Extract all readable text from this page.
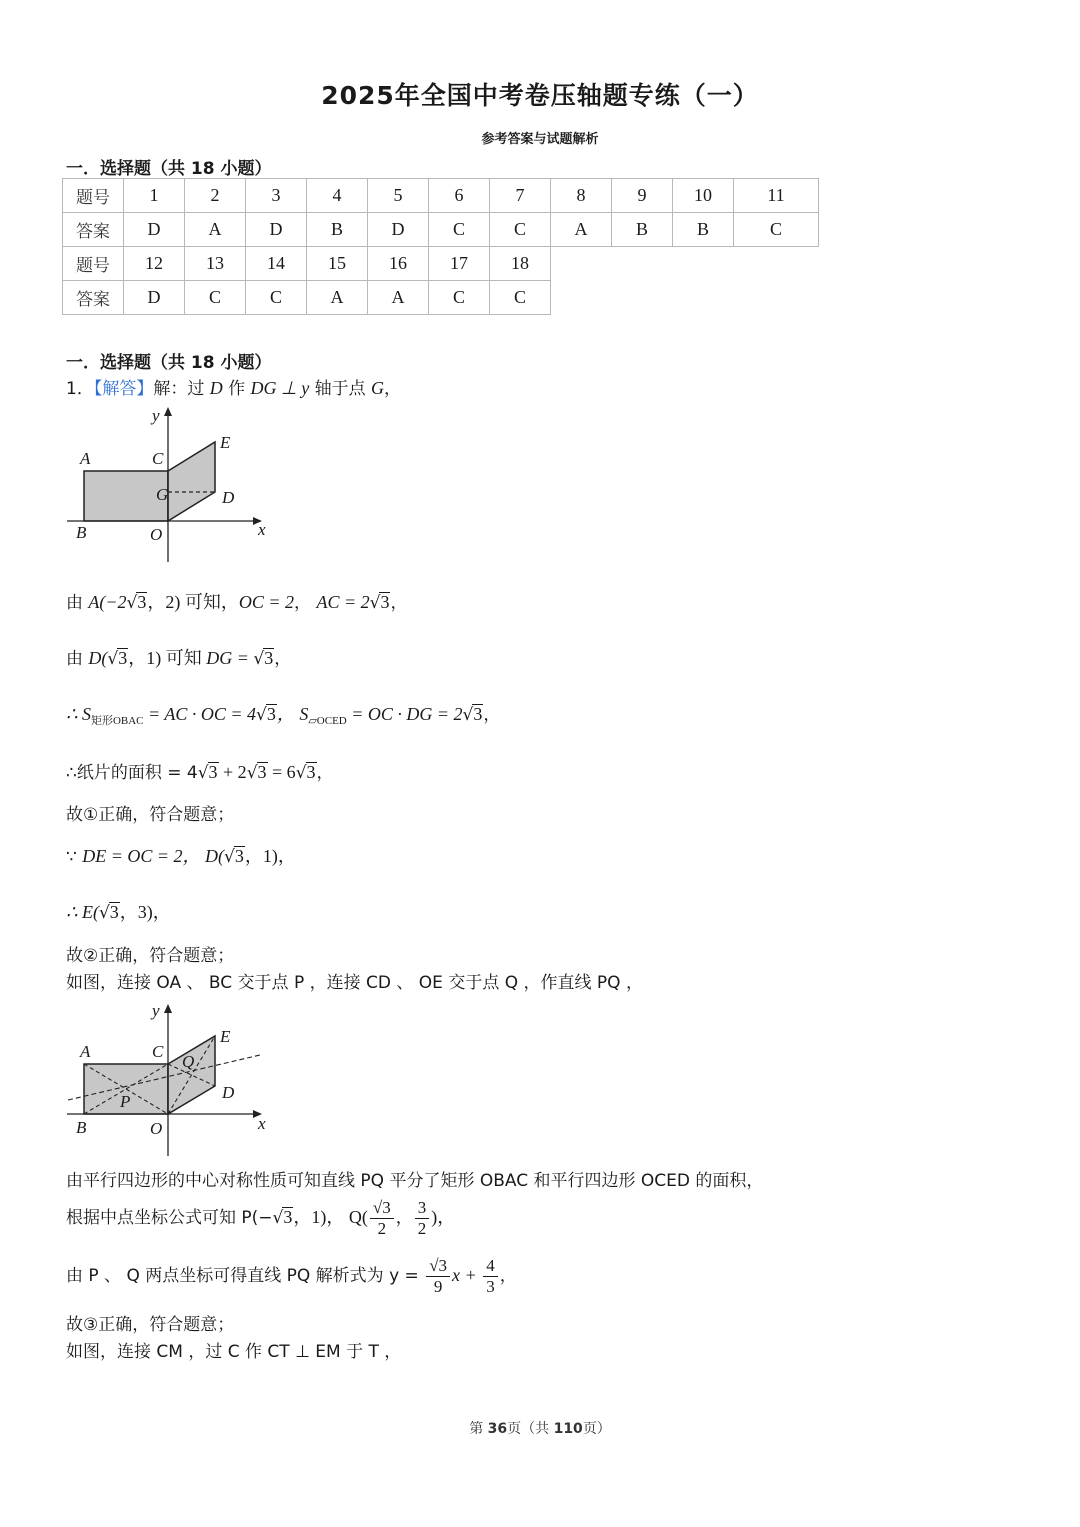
2025年全国中考卷压轴题专练（一）
参考答案与试题解析
一．选择题（共 18 小题）
题号	1	2	3	4	5	6	7	8	9	10	11
答案	D	A	D	B	D	C	C	A	B	B	C
题号	12	13	14	15	16	17	18				
答案	D	C	C	A	A	C	C				
一．选择题（共 18 小题）
1．【解答】解：过 D 作 DG ⊥ y 轴于点 G，
y
x
A
B
C
O
G	D
E
由 A(−2√3，2) 可知，OC = 2， AC = 2√3，
由 D(√3，1) 可知 DG = √3，
∴ $S_{矩形OBAC}$ = AC · OC = 4√3， $S_{▱OCED}$ = OC · DG = 2√3，
∴纸片的面积 = 4√3 + 2√3 = 6√3，
故①正确，符合题意；
∵ DE = OC = 2， D(√3，1)，
∴ E(√3，3)，
故②正确，符合题意；
如图，连接 OA 、 BC 交于点 P ，连接 CD 、 OE 交于点 Q ，作直线 PQ ，
y
x
A
B
C
O
P
Q
D
E
由平行四边形的中心对称性质可知直线 PQ 平分了矩形 OBAC 和平行四边形 OCED 的面积，
根据中点坐标公式可知 P(−√3，1)， $Q( \frac{√3}{2}$ ， $\frac{3}{2}$ )，
由 P 、 Q 两点坐标可得直线 PQ 解析式为 $y = \frac{√3}{9}$ $x + \frac{4}{3}$ ，
故③正确，符合题意；
如图，连接 CM ，过 C 作 CT ⊥ EM 于 T ，
第 36页（共 110页）
